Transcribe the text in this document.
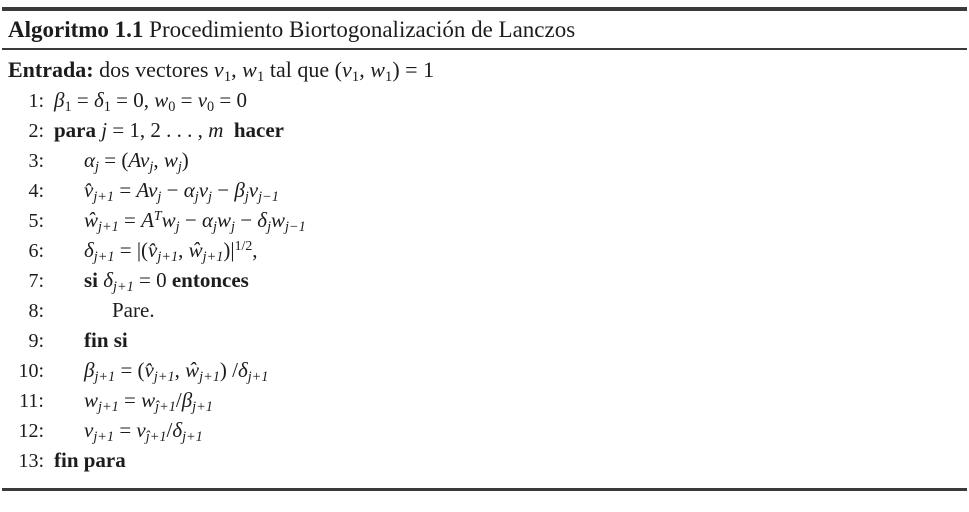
Algoritmo 1.1 Procedimiento Biortogonalización de Lanczos
Entrada: dos vectores $v_1$, $w_1$ tal que ($v_1$, $w_1) = 1$
1: $\beta_1 = \delta_1 = 0$, $w_0 = v_0 = 0$
2: para j = 1, 2 . . . , m hacer
3:	$\alpha_j = (Av_j$, $w_j$)
4:	$v̂_{j+1} = Av_j - \alpha_jv_j - \beta_jv_{j-1}$
5:	$ŵ_{j+1} = A^Tw_j - \alpha_jw_j - \delta_jw_{j-1}$
6:	$\delta_{j+1}$ = $|(v̂_{j+1}$, $ŵ_{j+1})|^{1/2}$,
7:	si $\delta_{j+1} = 0$ entonces
8:	Pare.
9:	fin si
10:	$\beta_{j+1}$ = ($v̂_{j+1}$, $ŵ_{j+1}$) $/\delta_{j+1}$
11:	$w_{j+1} = w_{ĵ+1}/\beta_{j+1}$
12:	$v_{j+1} = v_{ĵ+1}/\delta_{j+1}$
13: fin para
